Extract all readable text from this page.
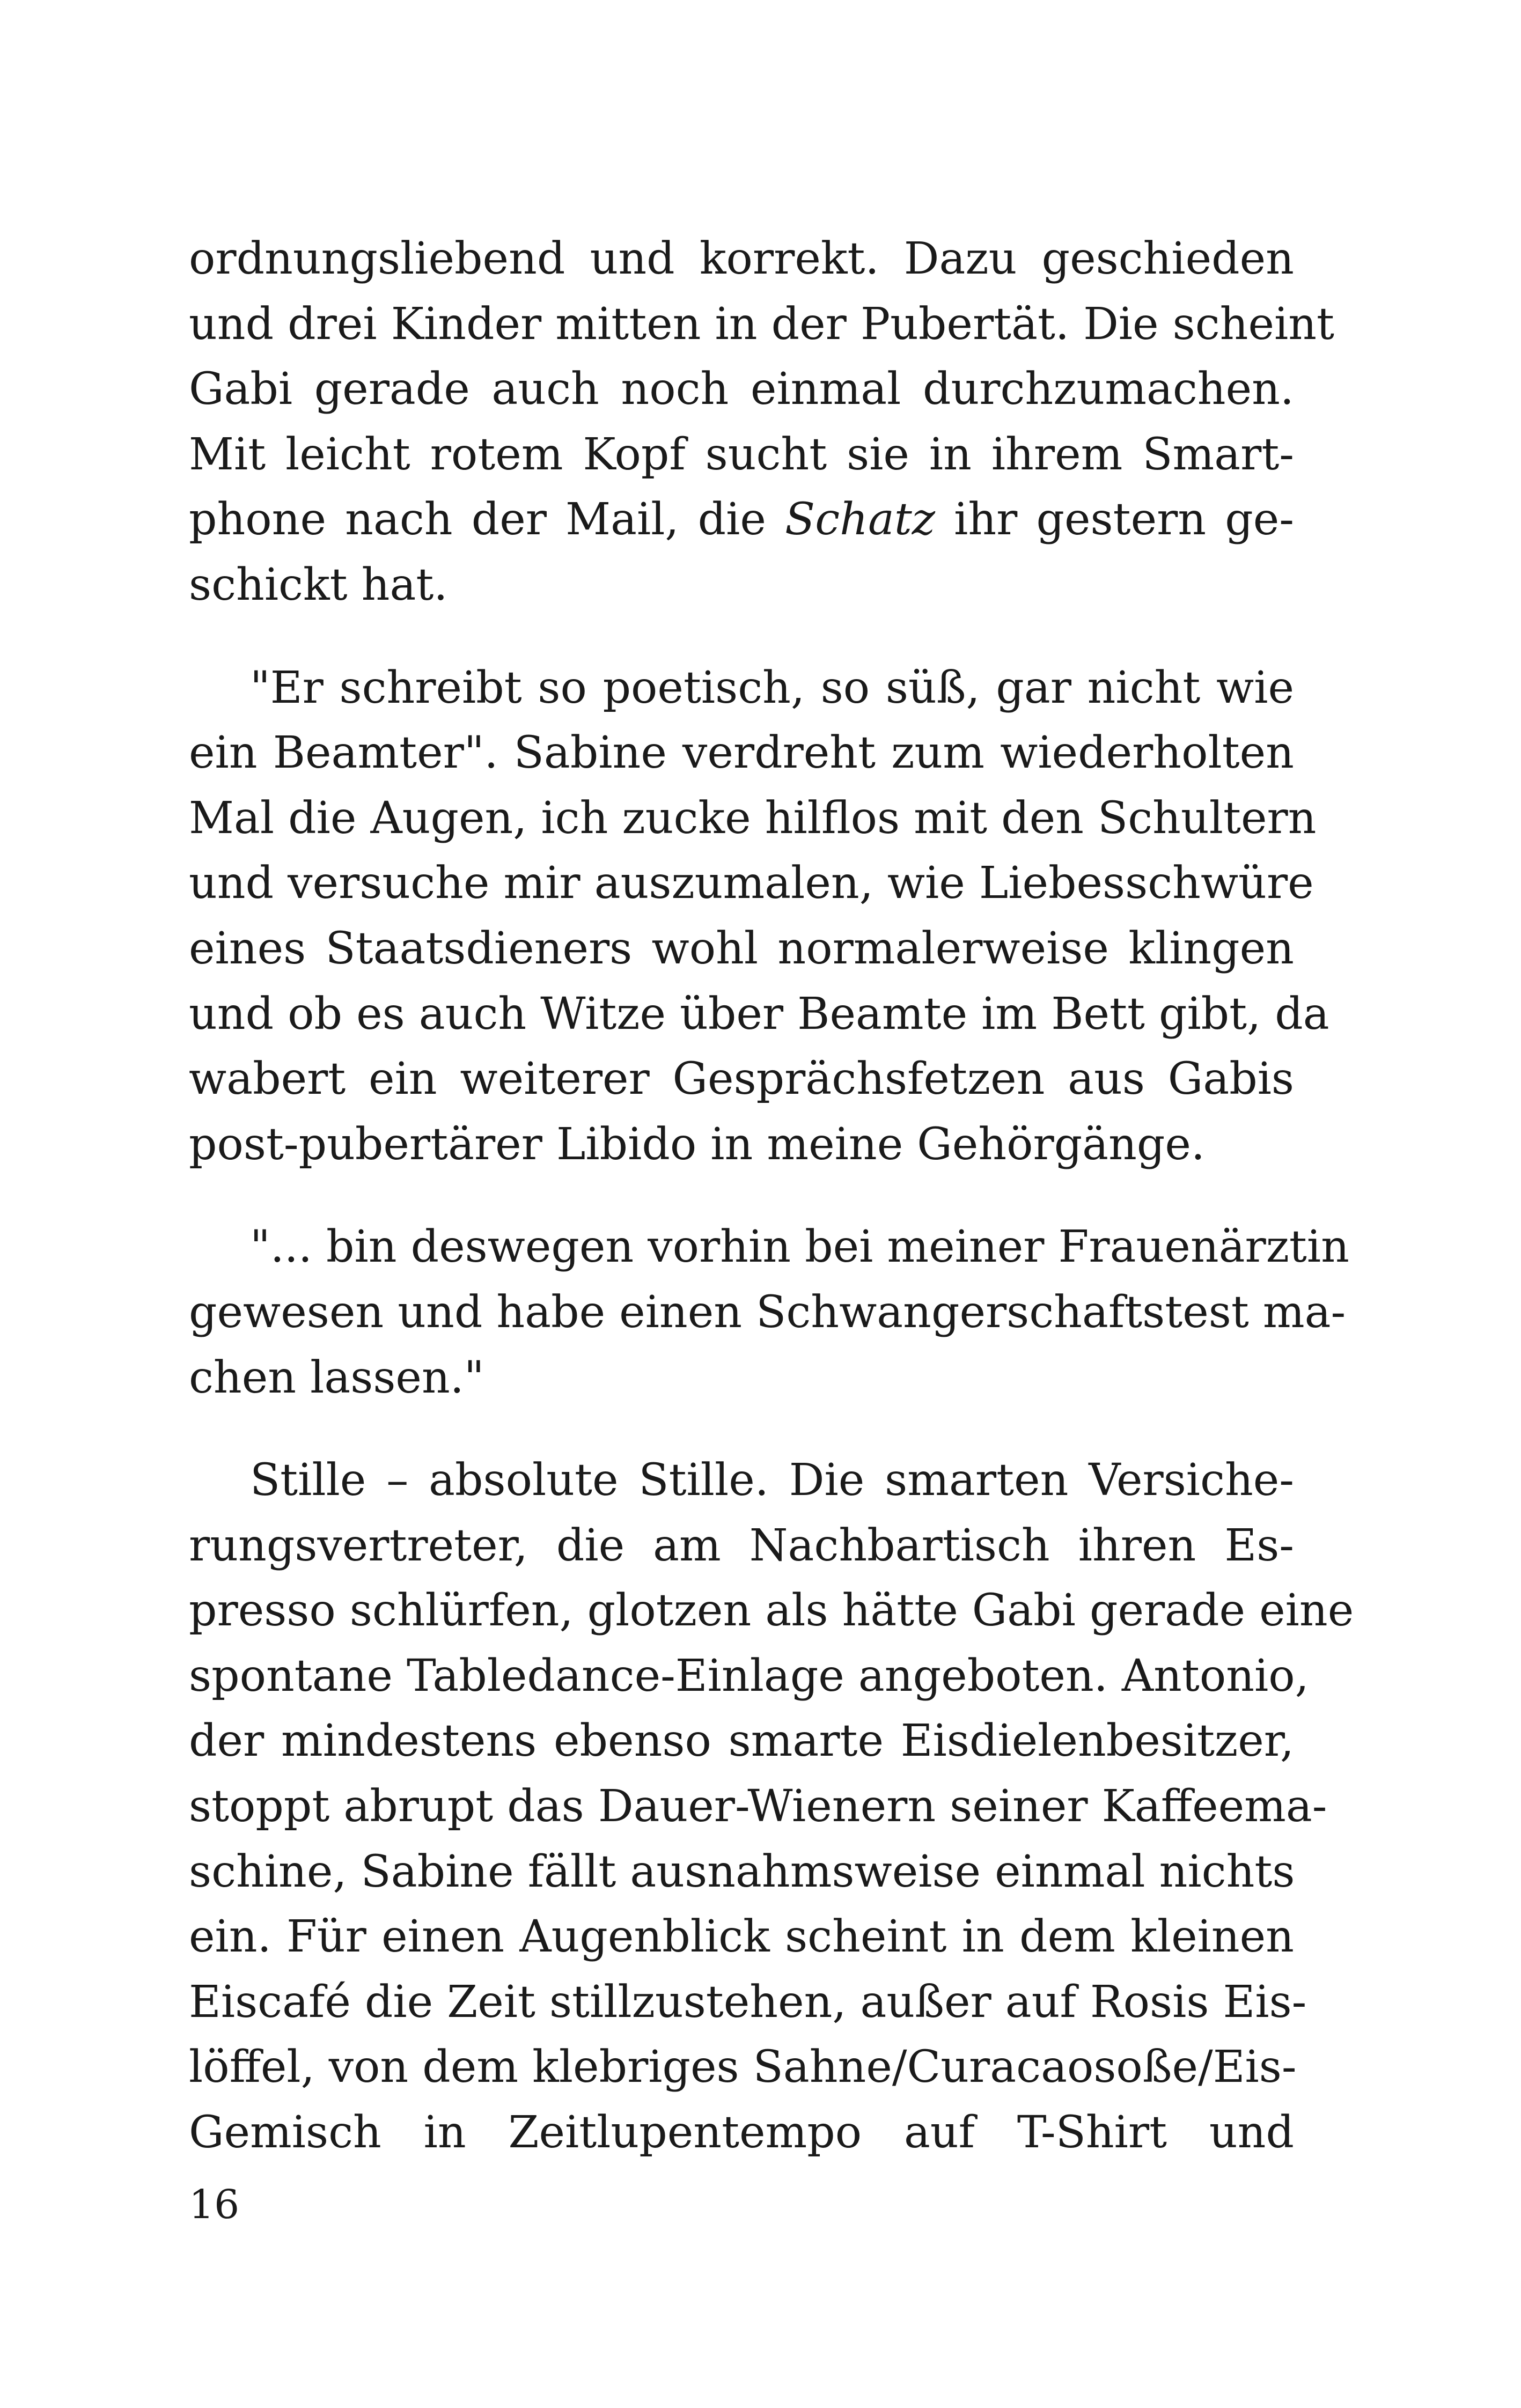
ordnungsliebend und korrekt. Dazu geschieden
und drei Kinder mitten in der Pubertät. Die scheint
Gabi gerade auch noch einmal durchzumachen.
Mit leicht rotem Kopf sucht sie in ihrem Smart-
phone nach der Mail, die Schatz ihr gestern ge-
schickt hat.

"Er schreibt so poetisch, so süß, gar nicht wie
ein Beamter". Sabine verdreht zum wiederholten
Mal die Augen, ich zucke hilflos mit den Schultern
und versuche mir auszumalen, wie Liebesschwüre
eines Staatsdieners wohl normalerweise klingen
und ob es auch Witze über Beamte im Bett gibt, da
wabert ein weiterer Gesprächsfetzen aus Gabis
post-pubertärer Libido in meine Gehörgänge.

"... bin deswegen vorhin bei meiner Frauenärztin
gewesen und habe einen Schwangerschaftstest ma-
chen lassen."

Stille – absolute Stille. Die smarten Versiche-
rungsvertreter, die am Nachbartisch ihren Es-
presso schlürfen, glotzen als hätte Gabi gerade eine
spontane Tabledance-Einlage angeboten. Antonio,
der mindestens ebenso smarte Eisdielenbesitzer,
stoppt abrupt das Dauer-Wienern seiner Kaffeema-
schine, Sabine fällt ausnahmsweise einmal nichts
ein. Für einen Augenblick scheint in dem kleinen
Eiscafé die Zeit stillzustehen, außer auf Rosis Eis-
löffel, von dem klebriges Sahne/Curacaosoße/Eis-
Gemisch in Zeitlupentempo auf T-Shirt und

16
